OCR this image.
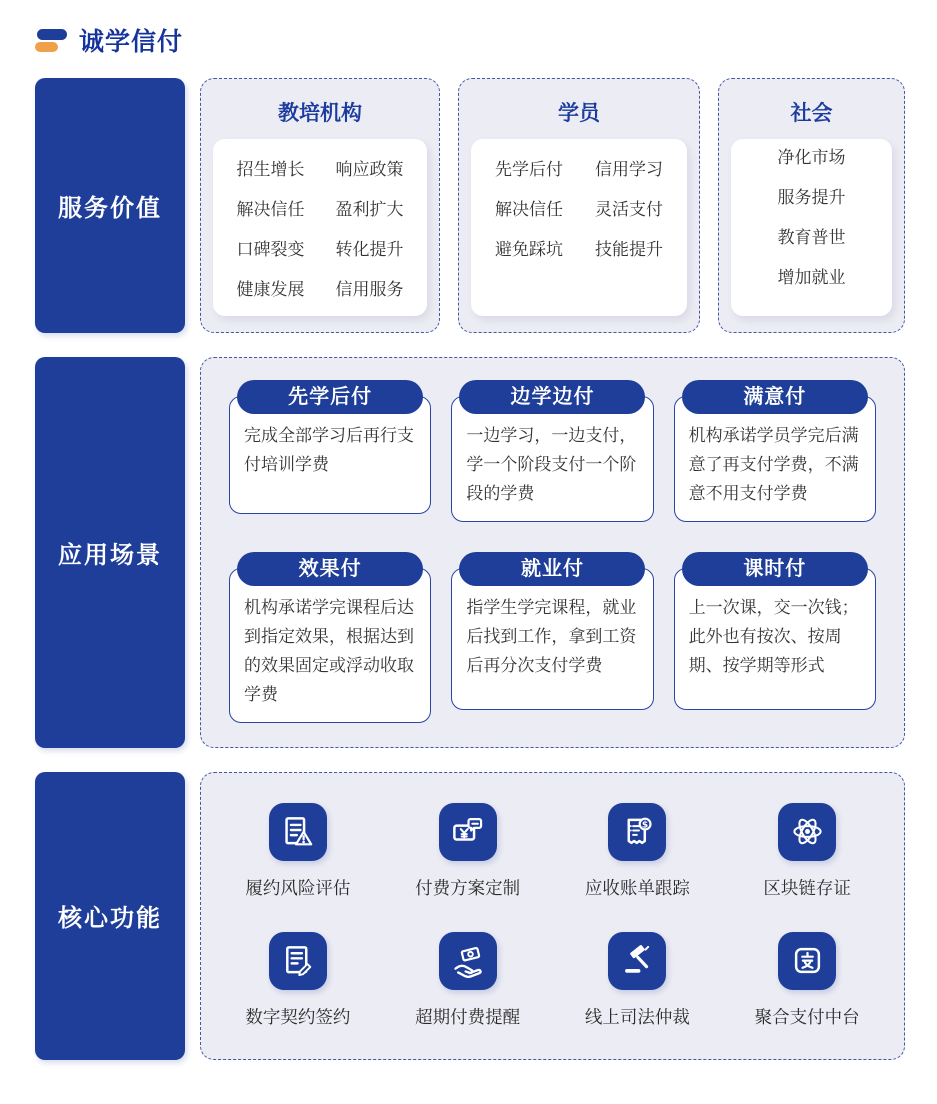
诚学信付
服务价值
教培机构
招生增长	响应政策
解决信任	盈利扩大
口碑裂变	转化提升
健康发展	信用服务
学员
先学后付	信用学习
解决信任	灵活支付
避免踩坑	技能提升
社会
净化市场
服务提升
教育普世
增加就业
应用场景
先学后付

完成全部学习后再行支付培训学费

边学边付

一边学习，一边支付，学一个阶段支付一个阶段的学费

满意付

机构承诺学员学完后满意了再支付学费，不满意不用支付学费

效果付

机构承诺学完课程后达到指定效果，根据达到的效果固定或浮动收取学费

就业付

指学生学完课程，就业后找到工作，拿到工资后再分次支付学费

课时付

上一次课，交一次钱；此外也有按次、按周期、按学期等形式

核心功能
履约风险评估	付费方案定制
$
应收账单跟踪	区块链存证
数字契约签约	超期付费提醒	线上司法仲裁	聚合支付中台
